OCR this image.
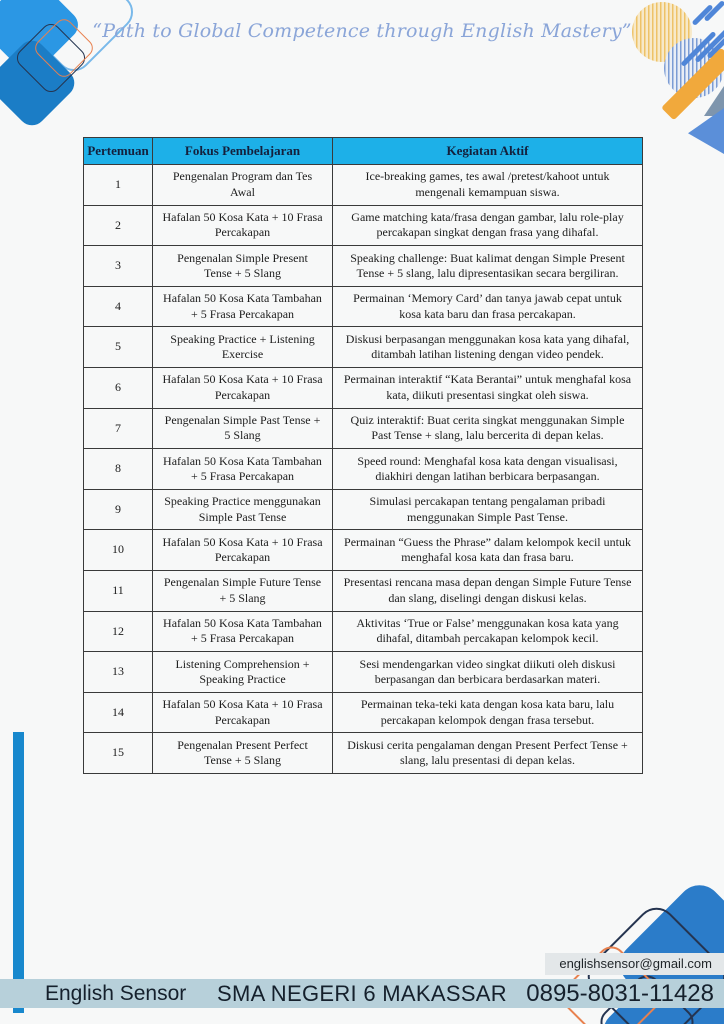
“Path to Global Competence through English Mastery”
Pertemuan	Fokus Pembelajaran	Kegiatan Aktif
1	Pengenalan Program dan Tes Awal	Ice-breaking games, tes awal /pretest/kahoot untuk mengenali kemampuan siswa.
2	Hafalan 50 Kosa Kata + 10 Frasa Percakapan	Game matching kata/frasa dengan gambar, lalu role-play percakapan singkat dengan frasa yang dihafal.
3	Pengenalan Simple Present Tense + 5 Slang	Speaking challenge: Buat kalimat dengan Simple Present Tense + 5 slang, lalu dipresentasikan secara bergiliran.
4	Hafalan 50 Kosa Kata Tambahan + 5 Frasa Percakapan	Permainan ‘Memory Card’ dan tanya jawab cepat untuk kosa kata baru dan frasa percakapan.
5	Speaking Practice + Listening Exercise	Diskusi berpasangan menggunakan kosa kata yang dihafal, ditambah latihan listening dengan video pendek.
6	Hafalan 50 Kosa Kata + 10 Frasa Percakapan	Permainan interaktif “Kata Berantai” untuk menghafal kosa kata, diikuti presentasi singkat oleh siswa.
7	Pengenalan Simple Past Tense + 5 Slang	Quiz interaktif: Buat cerita singkat menggunakan Simple Past Tense + slang, lalu bercerita di depan kelas.
8	Hafalan 50 Kosa Kata Tambahan + 5 Frasa Percakapan	Speed round: Menghafal kosa kata dengan visualisasi, diakhiri dengan latihan berbicara berpasangan.
9	Speaking Practice menggunakan Simple Past Tense	Simulasi percakapan tentang pengalaman pribadi menggunakan Simple Past Tense.
10	Hafalan 50 Kosa Kata + 10 Frasa Percakapan	Permainan “Guess the Phrase” dalam kelompok kecil untuk menghafal kosa kata dan frasa baru.
11	Pengenalan Simple Future Tense + 5 Slang	Presentasi rencana masa depan dengan Simple Future Tense dan slang, diselingi dengan diskusi kelas.
12	Hafalan 50 Kosa Kata Tambahan + 5 Frasa Percakapan	Aktivitas ‘True or False’ menggunakan kosa kata yang dihafal, ditambah percakapan kelompok kecil.
13	Listening Comprehension + Speaking Practice	Sesi mendengarkan video singkat diikuti oleh diskusi berpasangan dan berbicara berdasarkan materi.
14	Hafalan 50 Kosa Kata + 10 Frasa Percakapan	Permainan teka-teki kata dengan kosa kata baru, lalu percakapan kelompok dengan frasa tersebut.
15	Pengenalan Present Perfect Tense + 5 Slang	Diskusi cerita pengalaman dengan Present Perfect Tense + slang, lalu presentasi di depan kelas.
englishsensor@gmail.com
English Sensor SMA NEGERI 6 MAKASSAR 0895-8031-11428
